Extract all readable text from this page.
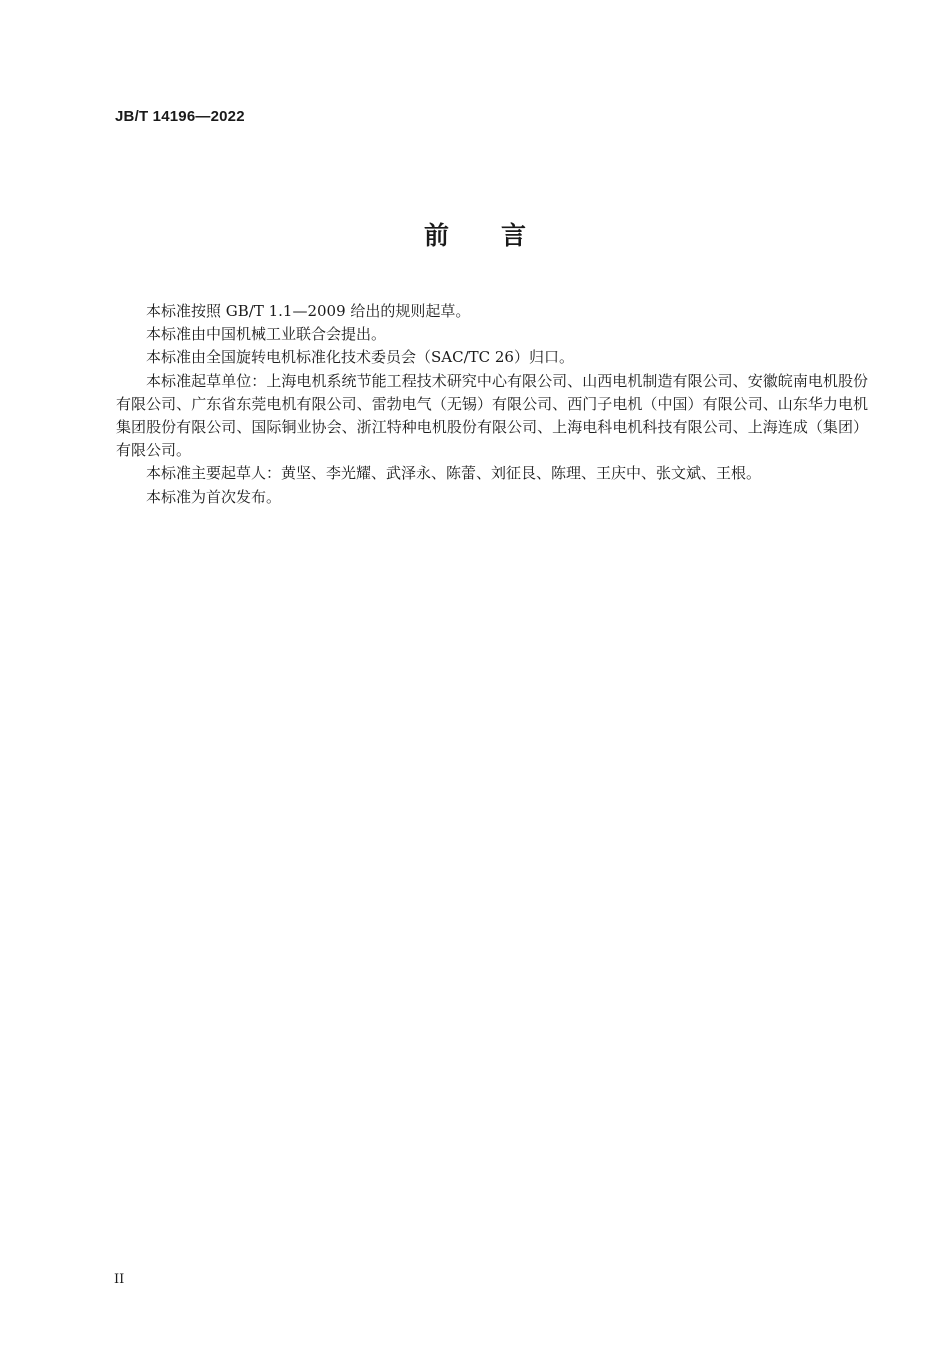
JB/T 14196—2022
前言

本标准按照 GB/T 1.1—2009 给出的规则起草。

本标准由中国机械工业联合会提出。

本标准由全国旋转电机标准化技术委员会（SAC/TC 26）归口。

本标准起草单位：上海电机系统节能工程技术研究中心有限公司、山西电机制造有限公司、安徽皖南电机股份有限公司、广东省东莞电机有限公司、雷勃电气（无锡）有限公司、西门子电机（中国）有限公司、山东华力电机集团股份有限公司、国际铜业协会、浙江特种电机股份有限公司、上海电科电机科技有限公司、上海连成（集团）有限公司。

本标准主要起草人：黄坚、李光耀、武泽永、陈蕾、刘征艮、陈理、王庆中、张文斌、王根。

本标准为首次发布。

II
